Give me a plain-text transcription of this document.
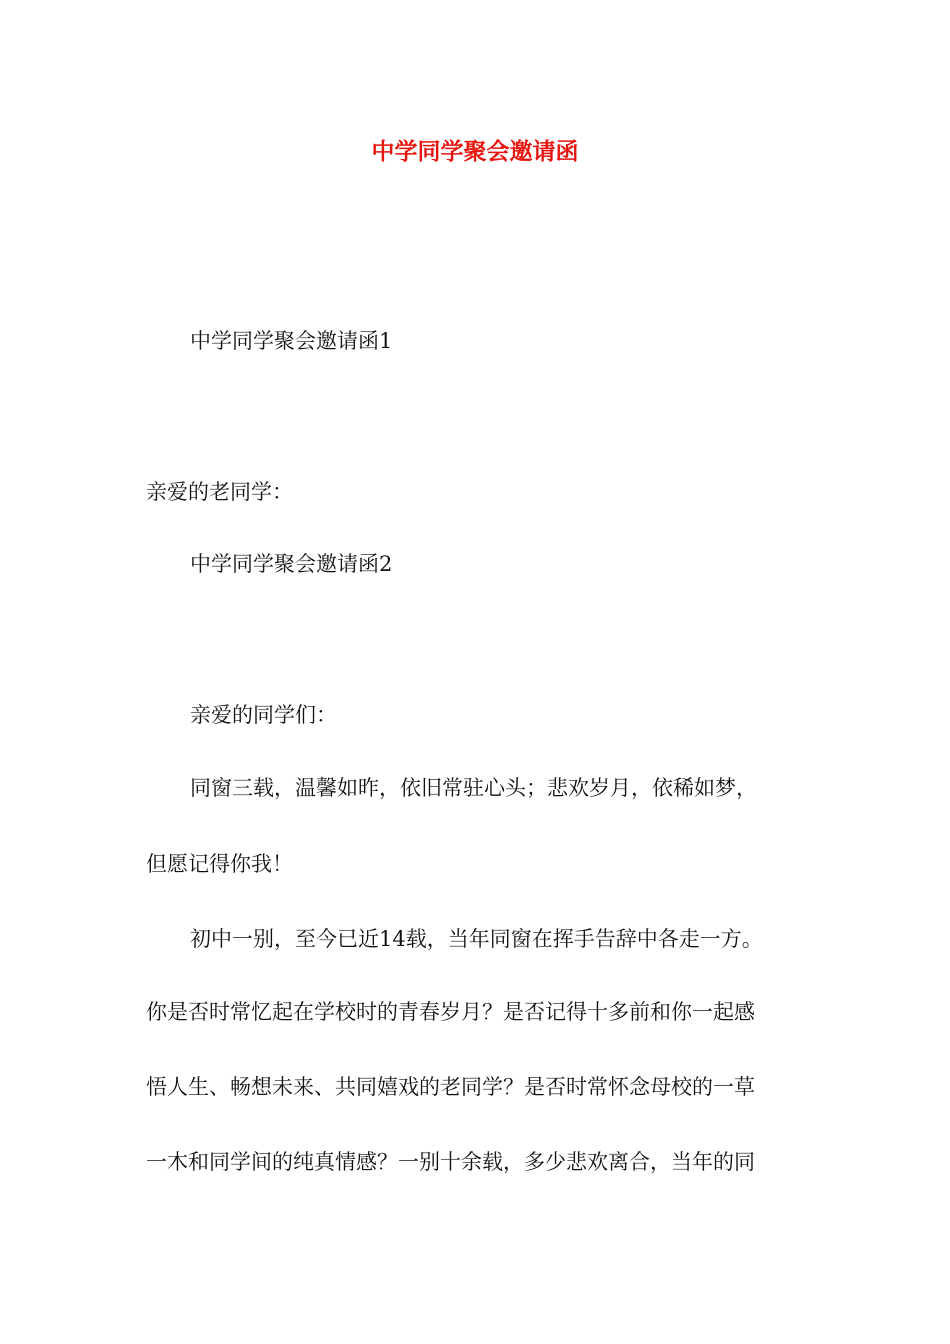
中学同学聚会邀请函
中学同学聚会邀请函1
亲爱的老同学：
中学同学聚会邀请函2
亲爱的同学们：
同窗三载，温馨如昨，依旧常驻心头；悲欢岁月，依稀如梦，
但愿记得你我！
初中一别，至今已近14载，当年同窗在挥手告辞中各走一方。
你是否时常忆起在学校时的青春岁月？是否记得十多前和你一起感
悟人生、畅想未来、共同嬉戏的老同学？是否时常怀念母校的一草
一木和同学间的纯真情感？一别十余载，多少悲欢离合，当年的同
